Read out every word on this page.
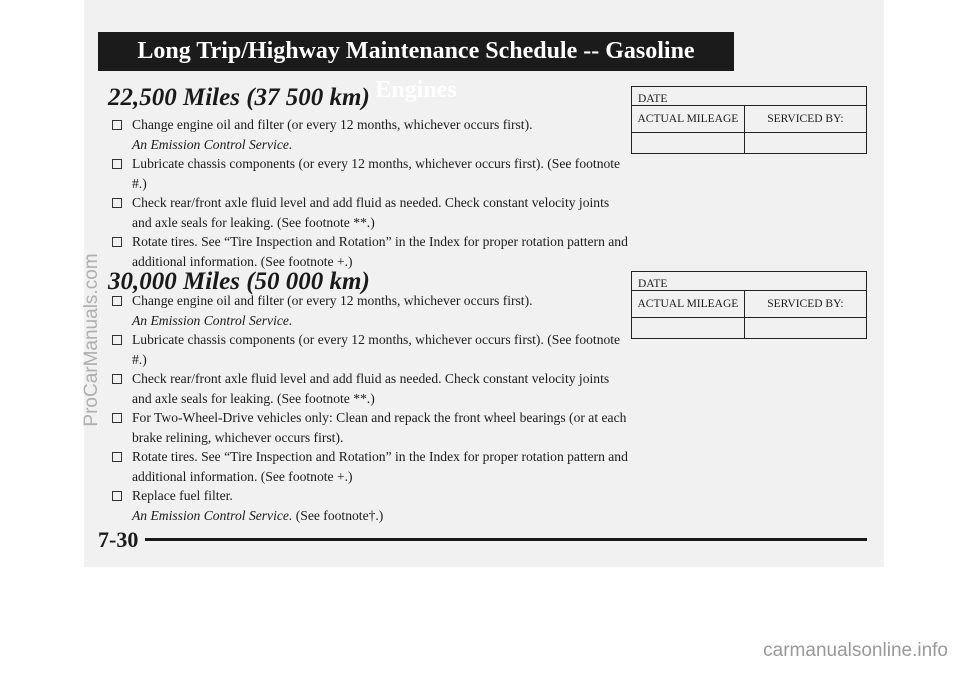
Long Trip/Highway Maintenance Schedule -- Gasoline Engines
22,500 Miles (37 500 km)
Change engine oil and filter (or every 12 months, whichever occurs first).
An Emission Control Service.
Lubricate chassis components (or every 12 months, whichever occurs first). (See footnote #.)
Check rear/front axle fluid level and add fluid as needed. Check constant velocity joints and axle seals for leaking. (See footnote **.)
Rotate tires. See “Tire Inspection and Rotation” in the Index for proper rotation pattern and additional information. (See footnote +.)
DATE	
ACTUAL MILEAGE	SERVICED BY:

30,000 Miles (50 000 km)
Change engine oil and filter (or every 12 months, whichever occurs first).
An Emission Control Service.
Lubricate chassis components (or every 12 months, whichever occurs first). (See footnote #.)
Check rear/front axle fluid level and add fluid as needed. Check constant velocity joints and axle seals for leaking. (See footnote **.)
For Two-Wheel-Drive vehicles only: Clean and repack the front wheel bearings (or at each brake relining, whichever occurs first).
Rotate tires. See “Tire Inspection and Rotation” in the Index for proper rotation pattern and additional information. (See footnote +.)
Replace fuel filter.
An Emission Control Service. (See footnote†.)
DATE	
ACTUAL MILEAGE	SERVICED BY:

7-30
ProCarManuals.com
carmanualsonline.info
